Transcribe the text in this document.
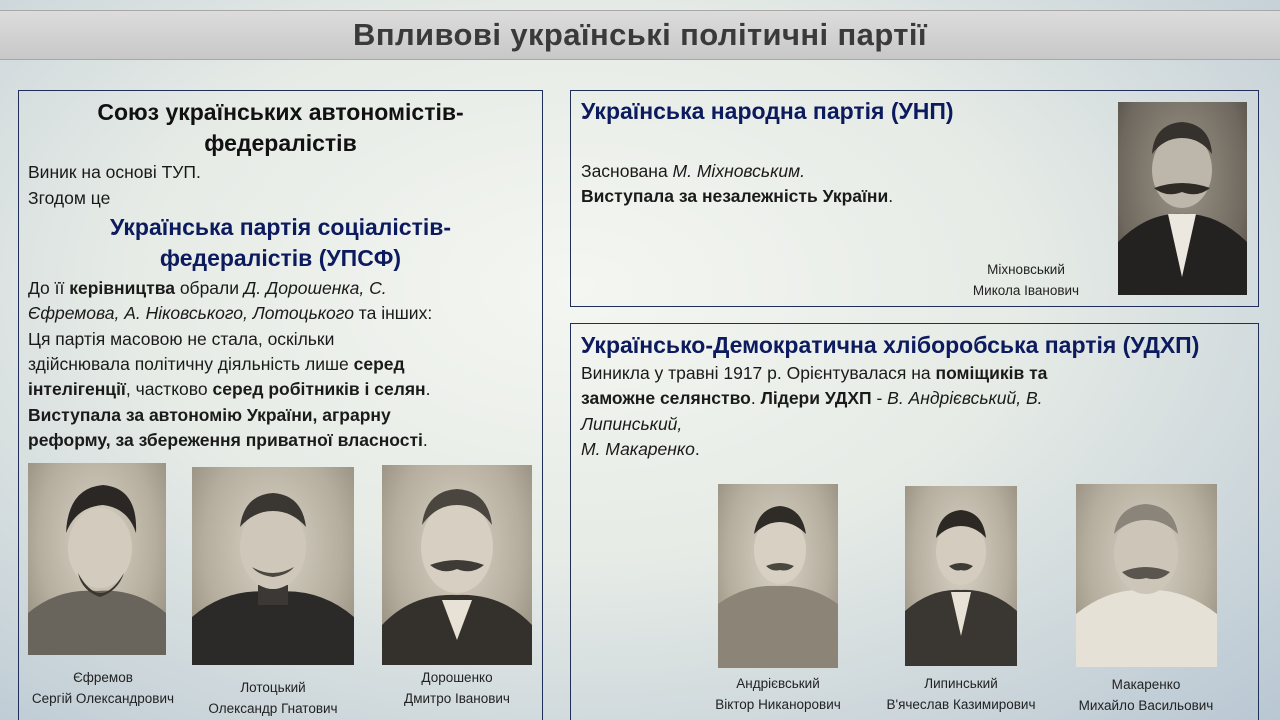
Впливові українські політичні партії
Союз українських автономістів-
федералістів
Виник на основі ТУП.
Згодом це
Українська партія соціалістів-
федералістів (УПСФ)
До її керівництва обрали Д. Дорошенка, С.
Єфремова, А. Ніковського, Лотоцького та інших:
Ця партія масовою не стала, оскільки
здійснювала політичну діяльність лише серед
інтелігенції, частково серед робітників і селян.
Виступала за автономію України, аграрну
реформу, за збереження приватної власності.
Єфремов
Сергій Олександрович
Лотоцький
Олександр Гнатович
Дорошенко
Дмитро Іванович
Українська народна партія (УНП)
Заснована М. Міхновським.
Виступала за незалежність України.
Міхновський
Микола Іванович
Українсько-Демократична хліборобська партія (УДХП)
Виникла у травні 1917 р. Орієнтувалася на поміщиків та
заможне селянство. Лідери УДХП - В. Андрієвський, В.
Липинський,
М. Макаренко.
Андрієвський
Віктор Никанорович
Липинський
В'ячеслав Казимирович
Макаренко
Михайло Васильович
